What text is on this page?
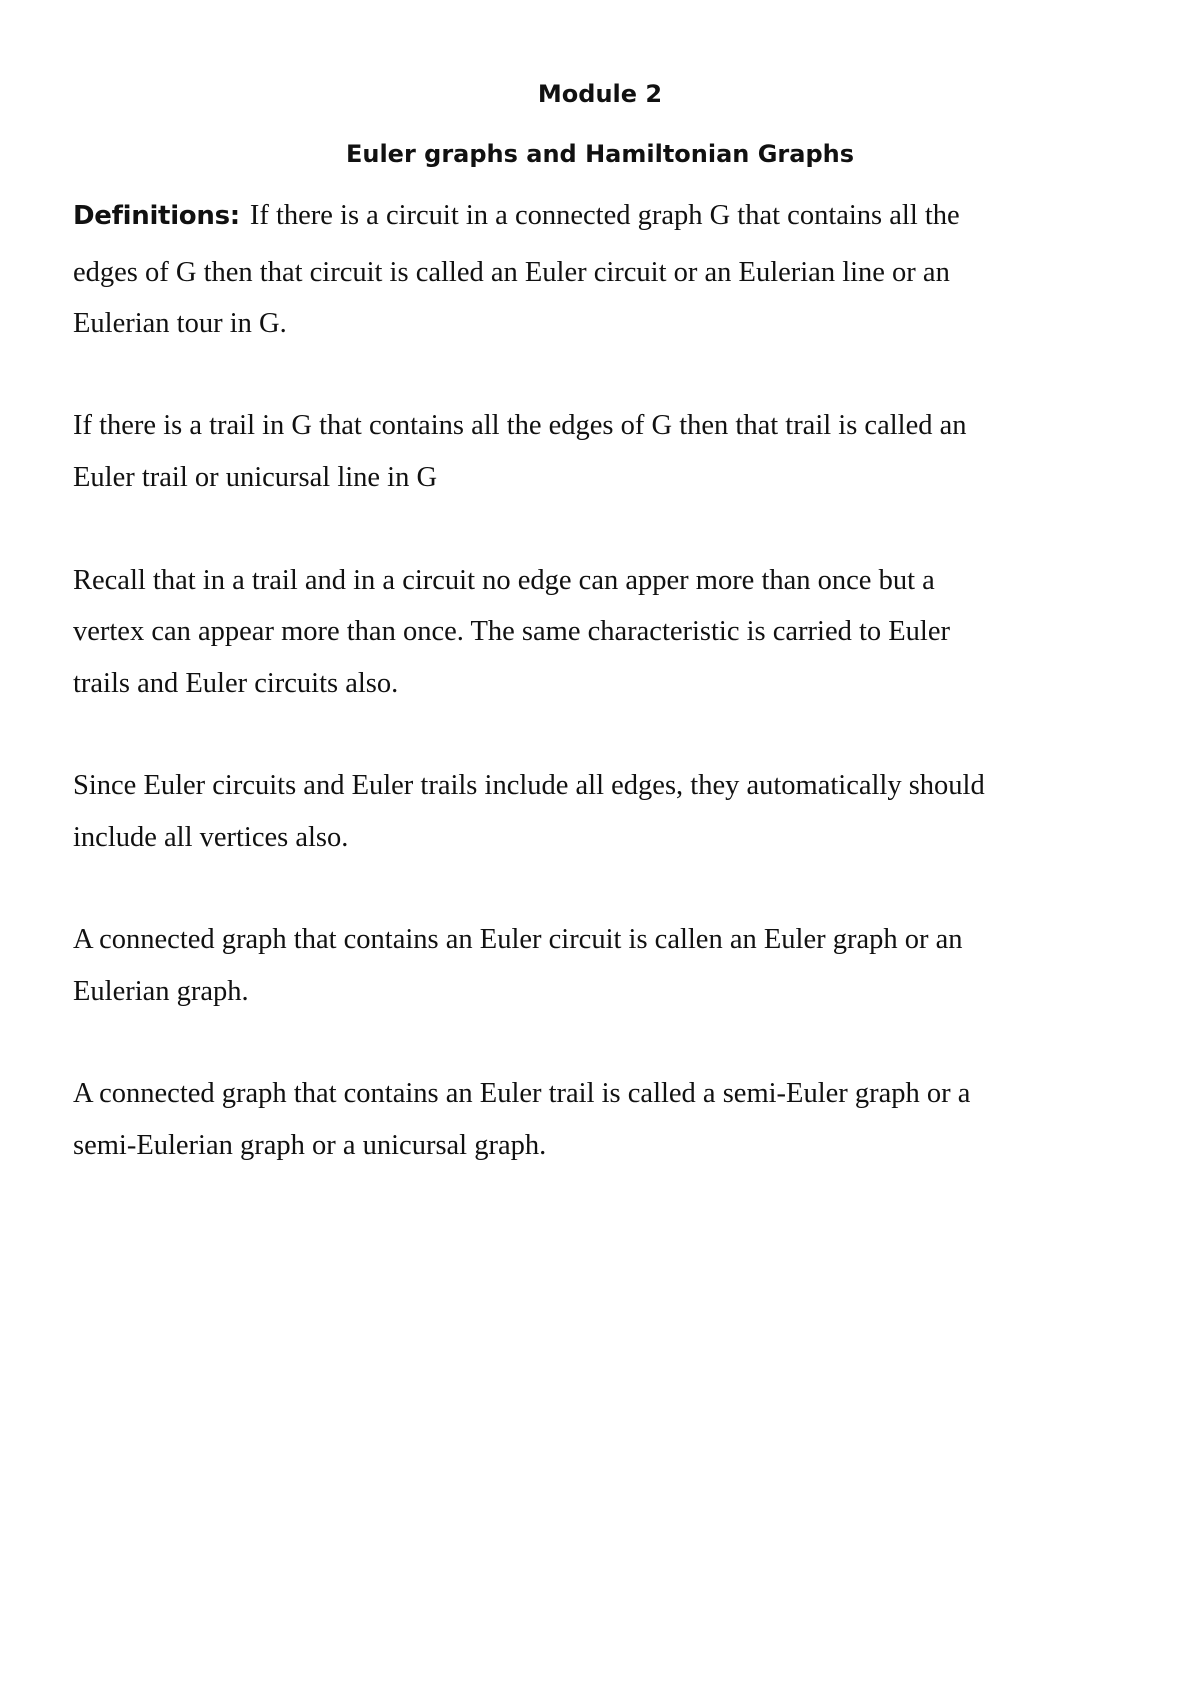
Module 2
Euler graphs and Hamiltonian Graphs
Definitions: If there is a circuit in a connected graph G that contains all the
edges of G then that circuit is called an Euler circuit or an Eulerian line or an
Eulerian tour in G.
If there is a trail in G that contains all the edges of G then that trail is called an
Euler trail or unicursal line in G
Recall that in a trail and in a circuit no edge can apper more than once but a
vertex can appear more than once. The same characteristic is carried to Euler
trails and Euler circuits also.
Since Euler circuits and Euler trails include all edges, they automatically should
include all vertices also.
A connected graph that contains an Euler circuit is callen an Euler graph or an
Eulerian graph.
A connected graph that contains an Euler trail is called a semi-Euler graph or a
semi-Eulerian graph or a unicursal graph.
